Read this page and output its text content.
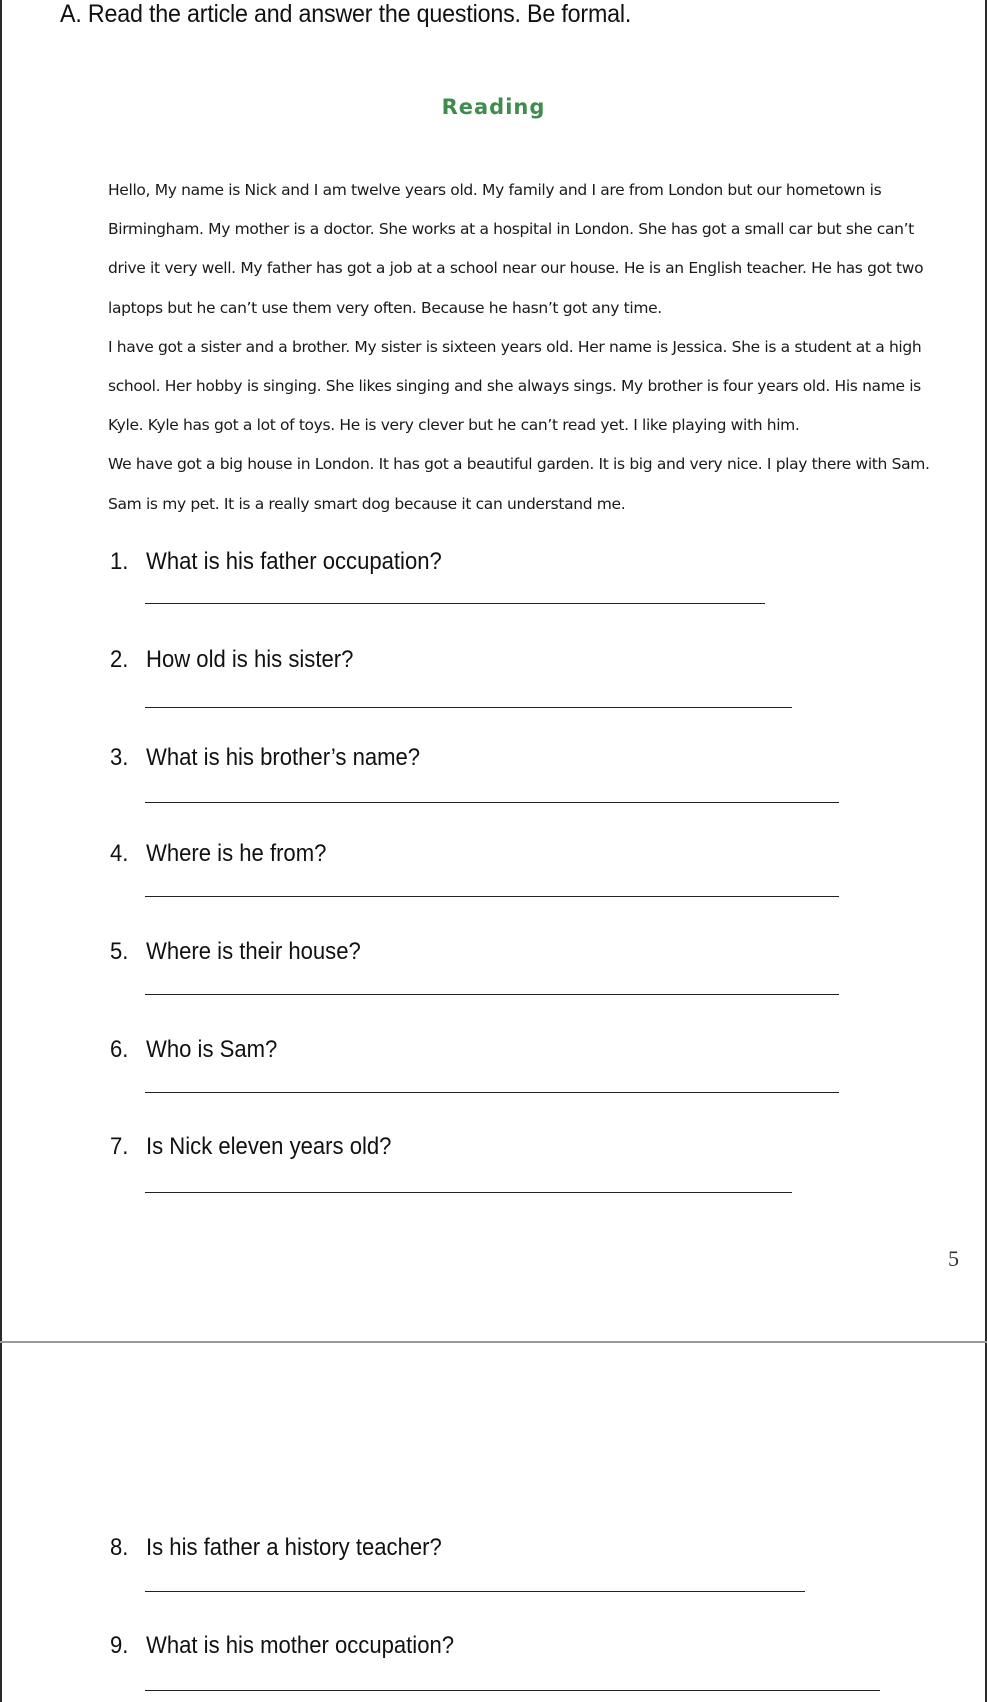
A. Read the article and answer the questions. Be formal.
Reading
Hello, My name is Nick and I am twelve years old. My family and I are from London but our hometown is
Birmingham. My mother is a doctor. She works at a hospital in London. She has got a small car but she can’t
drive it very well. My father has got a job at a school near our house. He is an English teacher. He has got two
laptops but he can’t use them very often. Because he hasn’t got any time.
I have got a sister and a brother. My sister is sixteen years old. Her name is Jessica. She is a student at a high
school. Her hobby is singing. She likes singing and she always sings. My brother is four years old. His name is
Kyle. Kyle has got a lot of toys. He is very clever but he can’t read yet. I like playing with him.
We have got a big house in London. It has got a beautiful garden. It is big and very nice. I play there with Sam.
Sam is my pet. It is a really smart dog because it can understand me.

1. What is his father occupation?

2. How old is his sister?

3. What is his brother’s name?

4. Where is he from?

5. Where is their house?

6. Who is Sam?

7. Is Nick eleven years old?

5

8. Is his father a history teacher?

9. What is his mother occupation?
